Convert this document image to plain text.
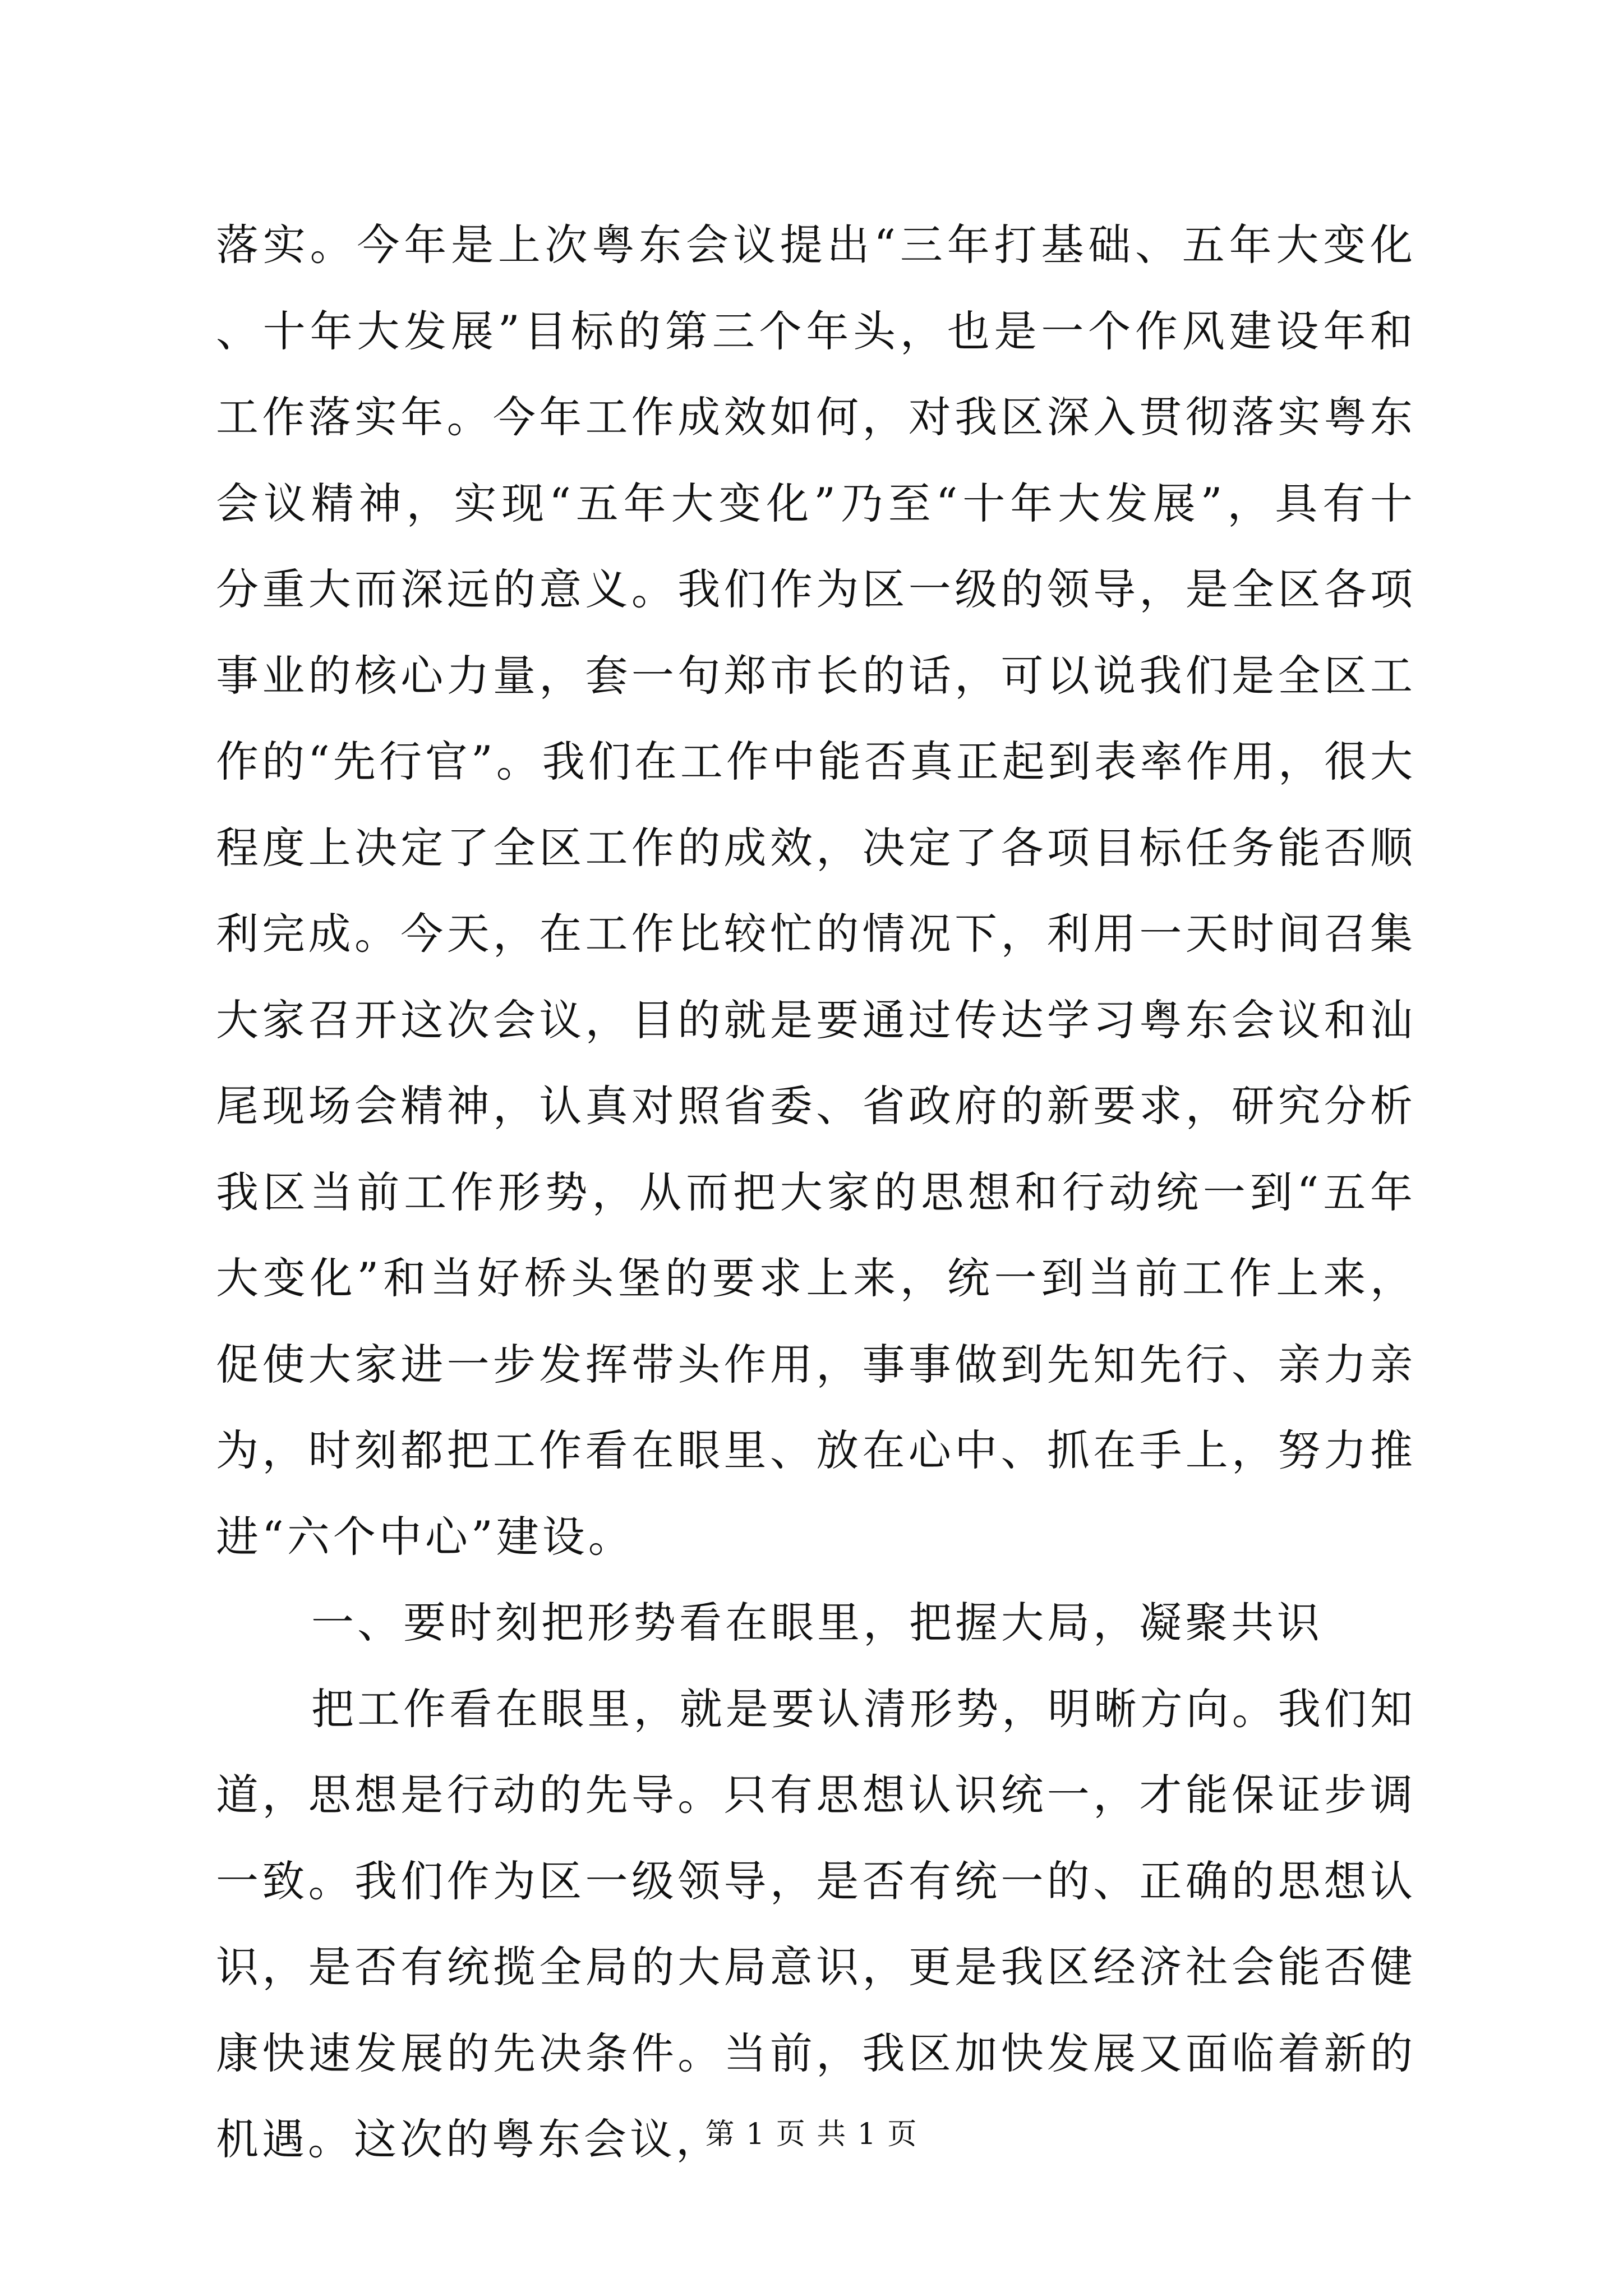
落实。今年是上次粤东会议提出“三年打基础、五年大变化、十年大发展”目标的第三个年头，也是一个作风建设年和工作落实年。今年工作成效如何，对我区深入贯彻落实粤东会议精神，实现“五年大变化”乃至“十年大发展”，具有十分重大而深远的意义。我们作为区一级的领导，是全区各项事业的核心力量，套一句郑市长的话，可以说我们是全区工作的“先行官”。我们在工作中能否真正起到表率作用，很大程度上决定了全区工作的成效，决定了各项目标任务能否顺利完成。今天，在工作比较忙的情况下，利用一天时间召集大家召开这次会议，目的就是要通过传达学习粤东会议和汕尾现场会精神，认真对照省委、省政府的新要求，研究分析我区当前工作形势，从而把大家的思想和行动统一到“五年大变化”和当好桥头堡的要求上来，统一到当前工作上来，促使大家进一步发挥带头作用，事事做到先知先行、亲力亲为，时刻都把工作看在眼里、放在心中、抓在手上，努力推进“六个中心”建设。

一、要时刻把形势看在眼里，把握大局，凝聚共识

把工作看在眼里，就是要认清形势，明晰方向。我们知道，思想是行动的先导。只有思想认识统一，才能保证步调一致。我们作为区一级领导，是否有统一的、正确的思想认识，是否有统揽全局的大局意识，更是我区经济社会能否健康快速发展的先决条件。当前，我区加快发展又面临着新的机遇。这次的粤东会议，

第 1 页 共 1 页
